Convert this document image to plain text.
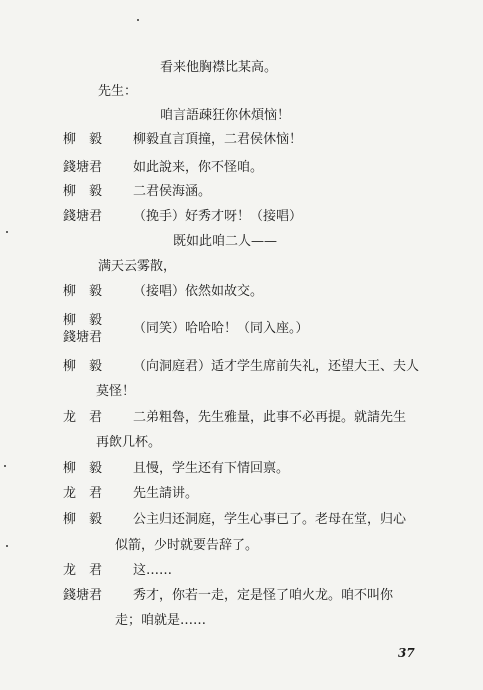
看来他胸襟比某高。
先生：
咱言語疎狂你休煩恼！
柳　毅 柳毅直言頂撞，二君侯休恼！
錢塘君 如此說来，你不怪咱。
柳　毅 二君侯海涵。
錢塘君 （挽手）好秀才呀！（接唱）
既如此咱二人——
满天云雾散，
柳　毅 （接唱）依然如故交。
柳　毅
錢塘君
（同笑）哈哈哈！（同入座。）
柳　毅 （向洞庭君）适才学生席前失礼，还望大王、夫人
莫怪！
龙　君 二弟粗魯，先生雅量，此事不必再提。就請先生
再飲几杯。
柳　毅 且慢，学生还有下情回禀。
龙　君 先生請讲。
柳　毅 公主归还洞庭，学生心事已了。老母在堂，归心
似箭，少时就要告辞了。
龙　君 这……
錢塘君 秀才，你若一走，定是怪了咱火龙。咱不叫你
走；咱就是……
37
